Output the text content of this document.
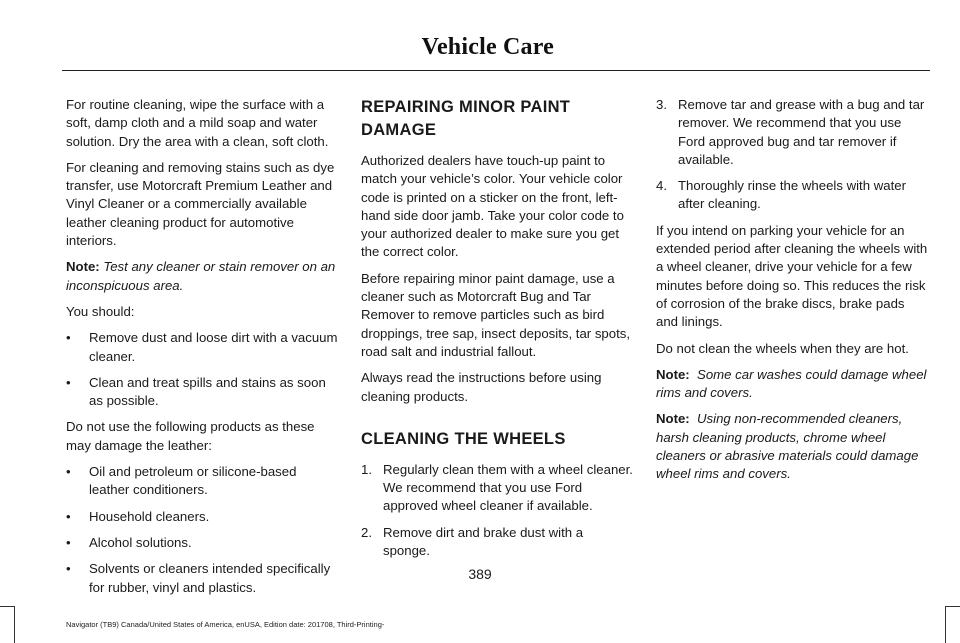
Vehicle Care

For routine cleaning, wipe the surface with a soft, damp cloth and a mild soap and water solution. Dry the area with a clean, soft cloth.

For cleaning and removing stains such as dye transfer, use Motorcraft Premium Leather and Vinyl Cleaner or a commercially available leather cleaning product for automotive interiors.

Note: Test any cleaner or stain remover on an inconspicuous area.

You should:

• Remove dust and loose dirt with a vacuum cleaner.
• Clean and treat spills and stains as soon as possible.

Do not use the following products as these may damage the leather:

• Oil and petroleum or silicone-based leather conditioners.
• Household cleaners.
• Alcohol solutions.
• Solvents or cleaners intended specifically for rubber, vinyl and plastics.
REPAIRING MINOR PAINT
DAMAGE

Authorized dealers have touch-up paint to match your vehicle’s color. Your vehicle color code is printed on a sticker on the front, left-hand side door jamb. Take your color code to your authorized dealer to make sure you get the correct color.

Before repairing minor paint damage, use a cleaner such as Motorcraft Bug and Tar Remover to remove particles such as bird droppings, tree sap, insect deposits, tar spots, road salt and industrial fallout.

Always read the instructions before using cleaning products.

CLEANING THE WHEELS
1. Regularly clean them with a wheel cleaner. We recommend that you use Ford approved wheel cleaner if available.
2. Remove dirt and brake dust with a sponge.
3. Remove tar and grease with a bug and tar remover. We recommend that you use Ford approved bug and tar remover if available.
4. Thoroughly rinse the wheels with water after cleaning.

If you intend on parking your vehicle for an extended period after cleaning the wheels with a wheel cleaner, drive your vehicle for a few minutes before doing so. This reduces the risk of corrosion of the brake discs, brake pads and linings.

Do not clean the wheels when they are hot.

Note: Some car washes could damage wheel rims and covers.

Note: Using non-recommended cleaners, harsh cleaning products, chrome wheel cleaners or abrasive materials could damage wheel rims and covers.

389
Navigator (TB9) Canada/United States of America, enUSA, Edition date: 201708, Third-Printing-
